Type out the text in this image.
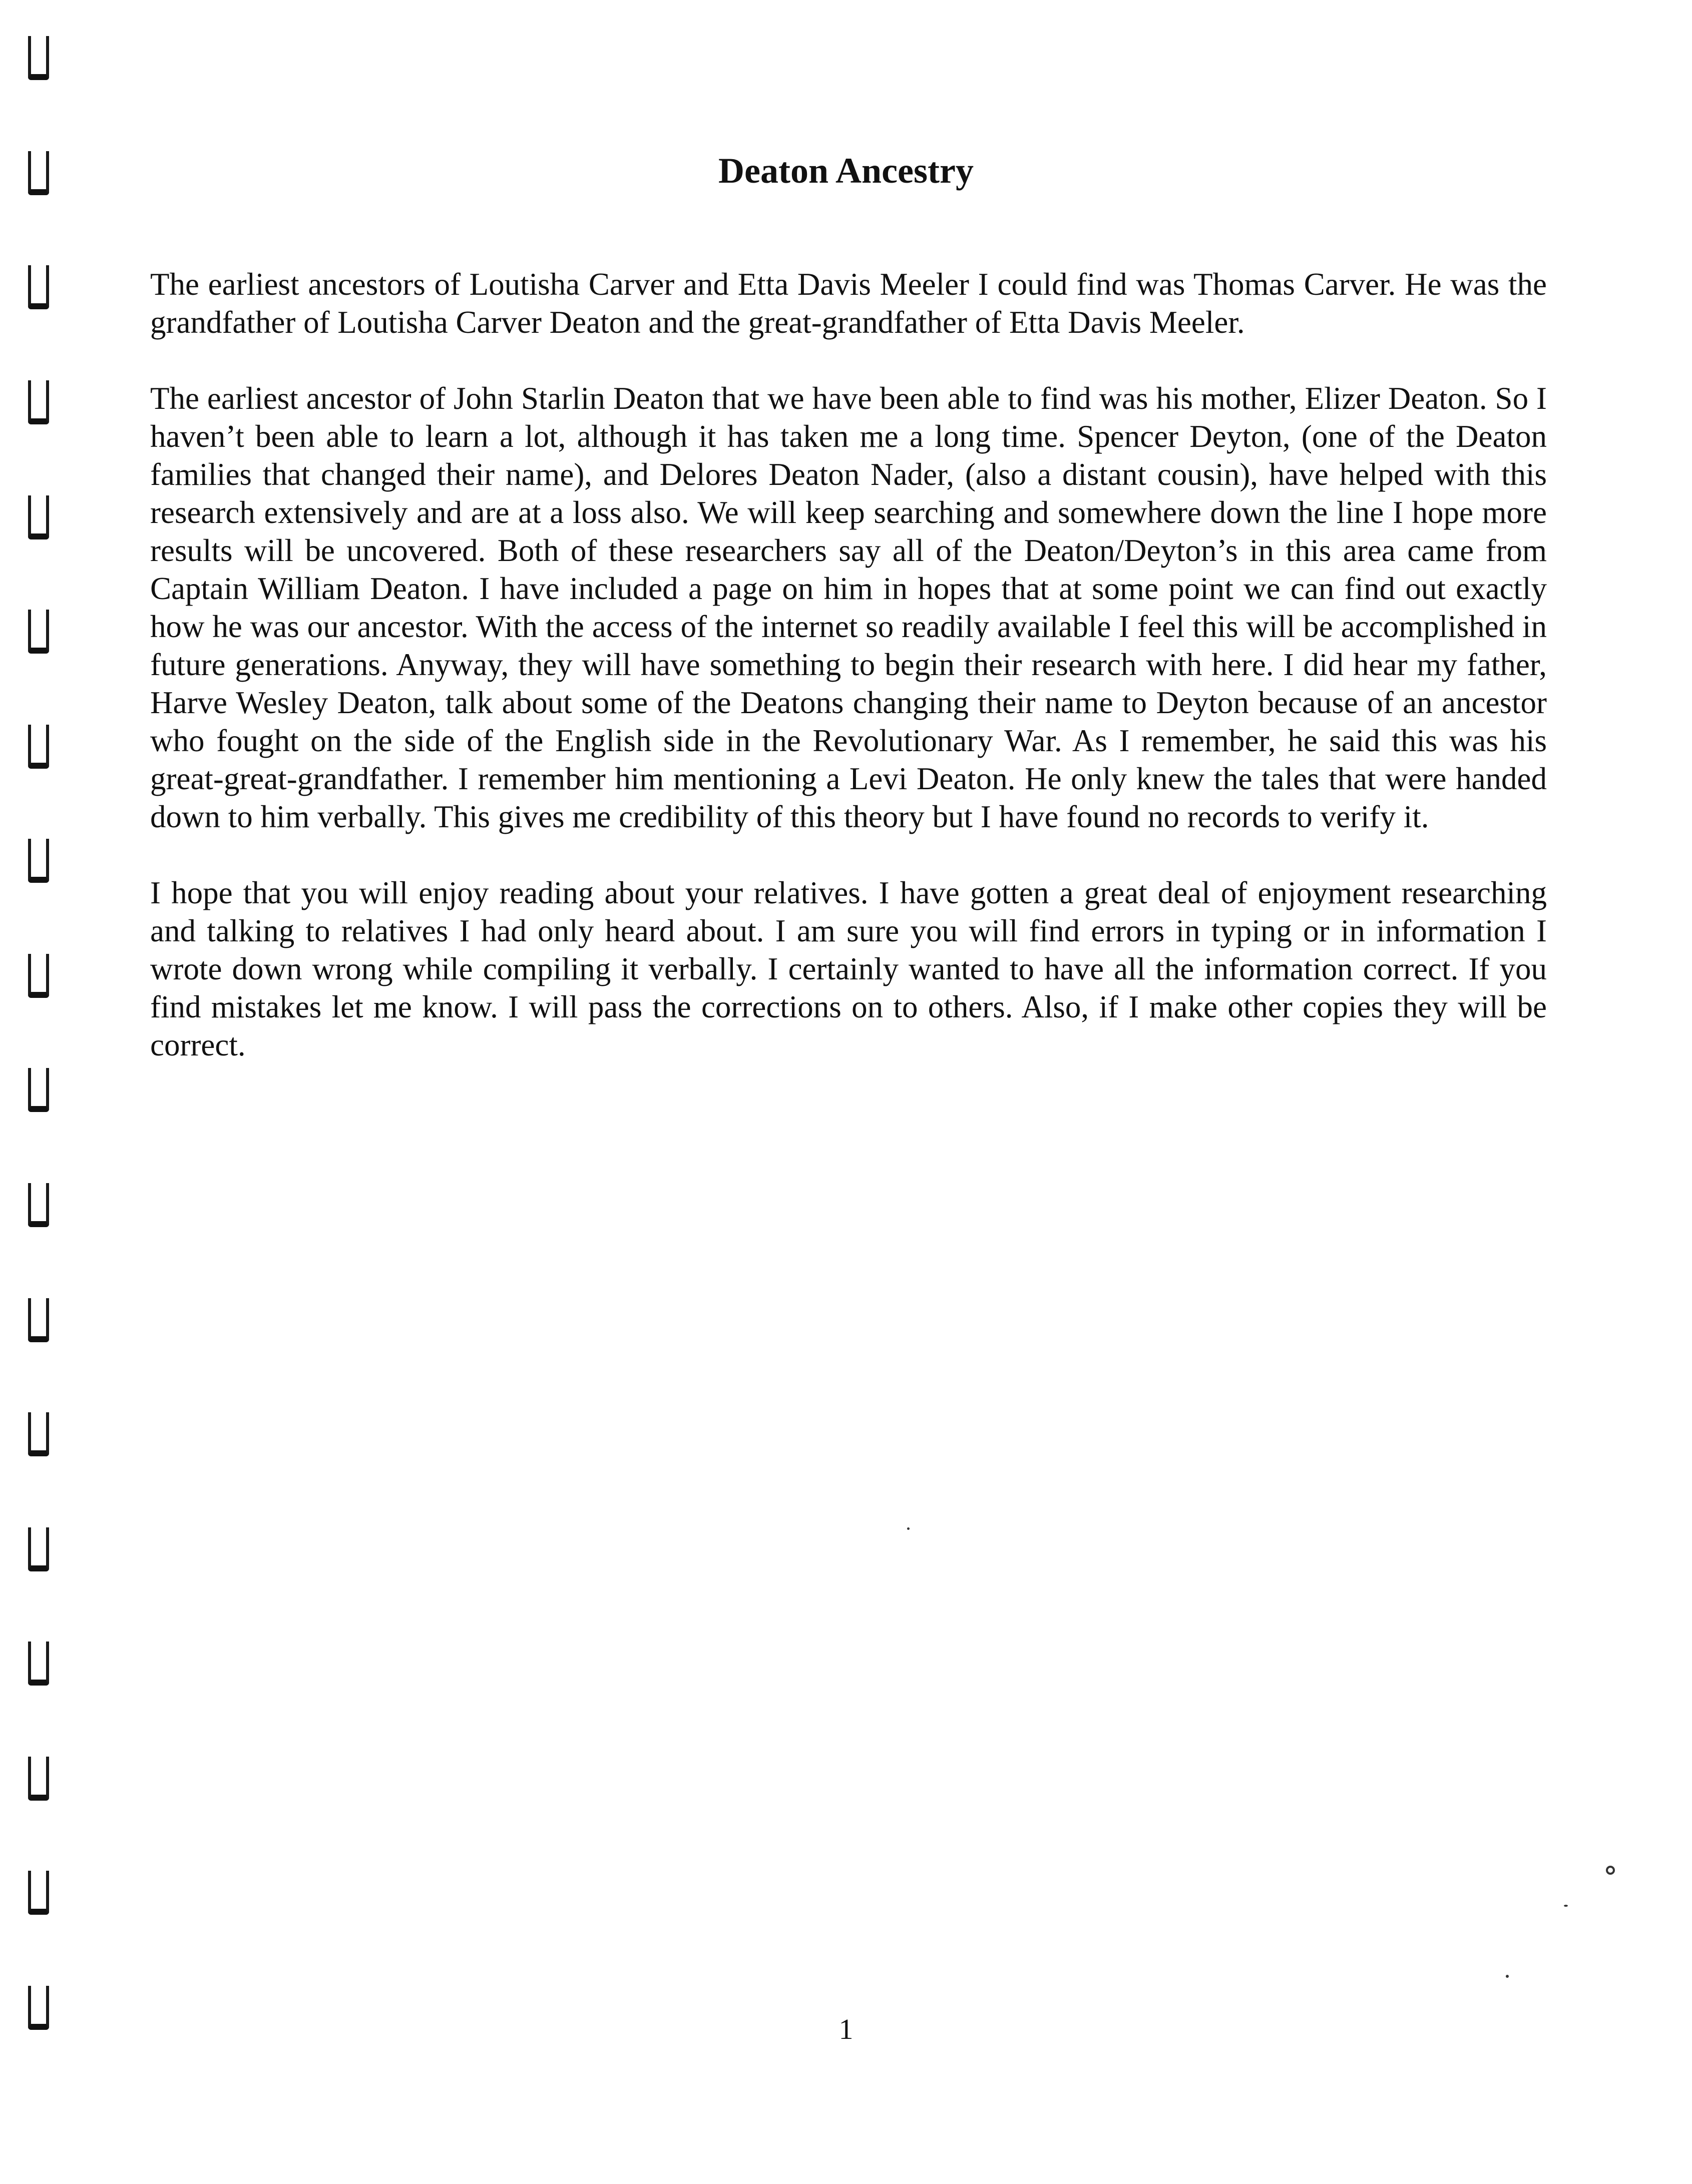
Deaton Ancestry

The earliest ancestors of Loutisha Carver and Etta Davis Meeler I could find was Thomas Carver. He was the grandfather of Loutisha Carver Deaton and the great-grandfather of Etta Davis Meeler.

The earliest ancestor of John Starlin Deaton that we have been able to find was his mother, Elizer Deaton. So I haven’t been able to learn a lot, although it has taken me a long time. Spencer Deyton, (one of the Deaton families that changed their name), and Delores Deaton Nader, (also a distant cousin), have helped with this research extensively and are at a loss also. We will keep searching and somewhere down the line I hope more results will be uncovered. Both of these researchers say all of the Deaton/Deyton’s in this area came from Captain William Deaton. I have included a page on him in hopes that at some point we can find out exactly how he was our ancestor. With the access of the internet so readily available I feel this will be accomplished in future generations. Anyway, they will have something to begin their research with here. I did hear my father, Harve Wesley Deaton, talk about some of the Deatons changing their name to Deyton because of an ancestor who fought on the side of the English side in the Revolutionary War. As I remember, he said this was his great-great-grandfather. I remember him mentioning a Levi Deaton. He only knew the tales that were handed down to him verbally. This gives me credibility of this theory but I have found no records to verify it.

I hope that you will enjoy reading about your relatives. I have gotten a great deal of enjoyment researching and talking to relatives I had only heard about. I am sure you will find errors in typing or in information I wrote down wrong while compiling it verbally. I certainly wanted to have all the information correct. If you find mistakes let me know. I will pass the corrections on to others. Also, if I make other copies they will be correct.

1
